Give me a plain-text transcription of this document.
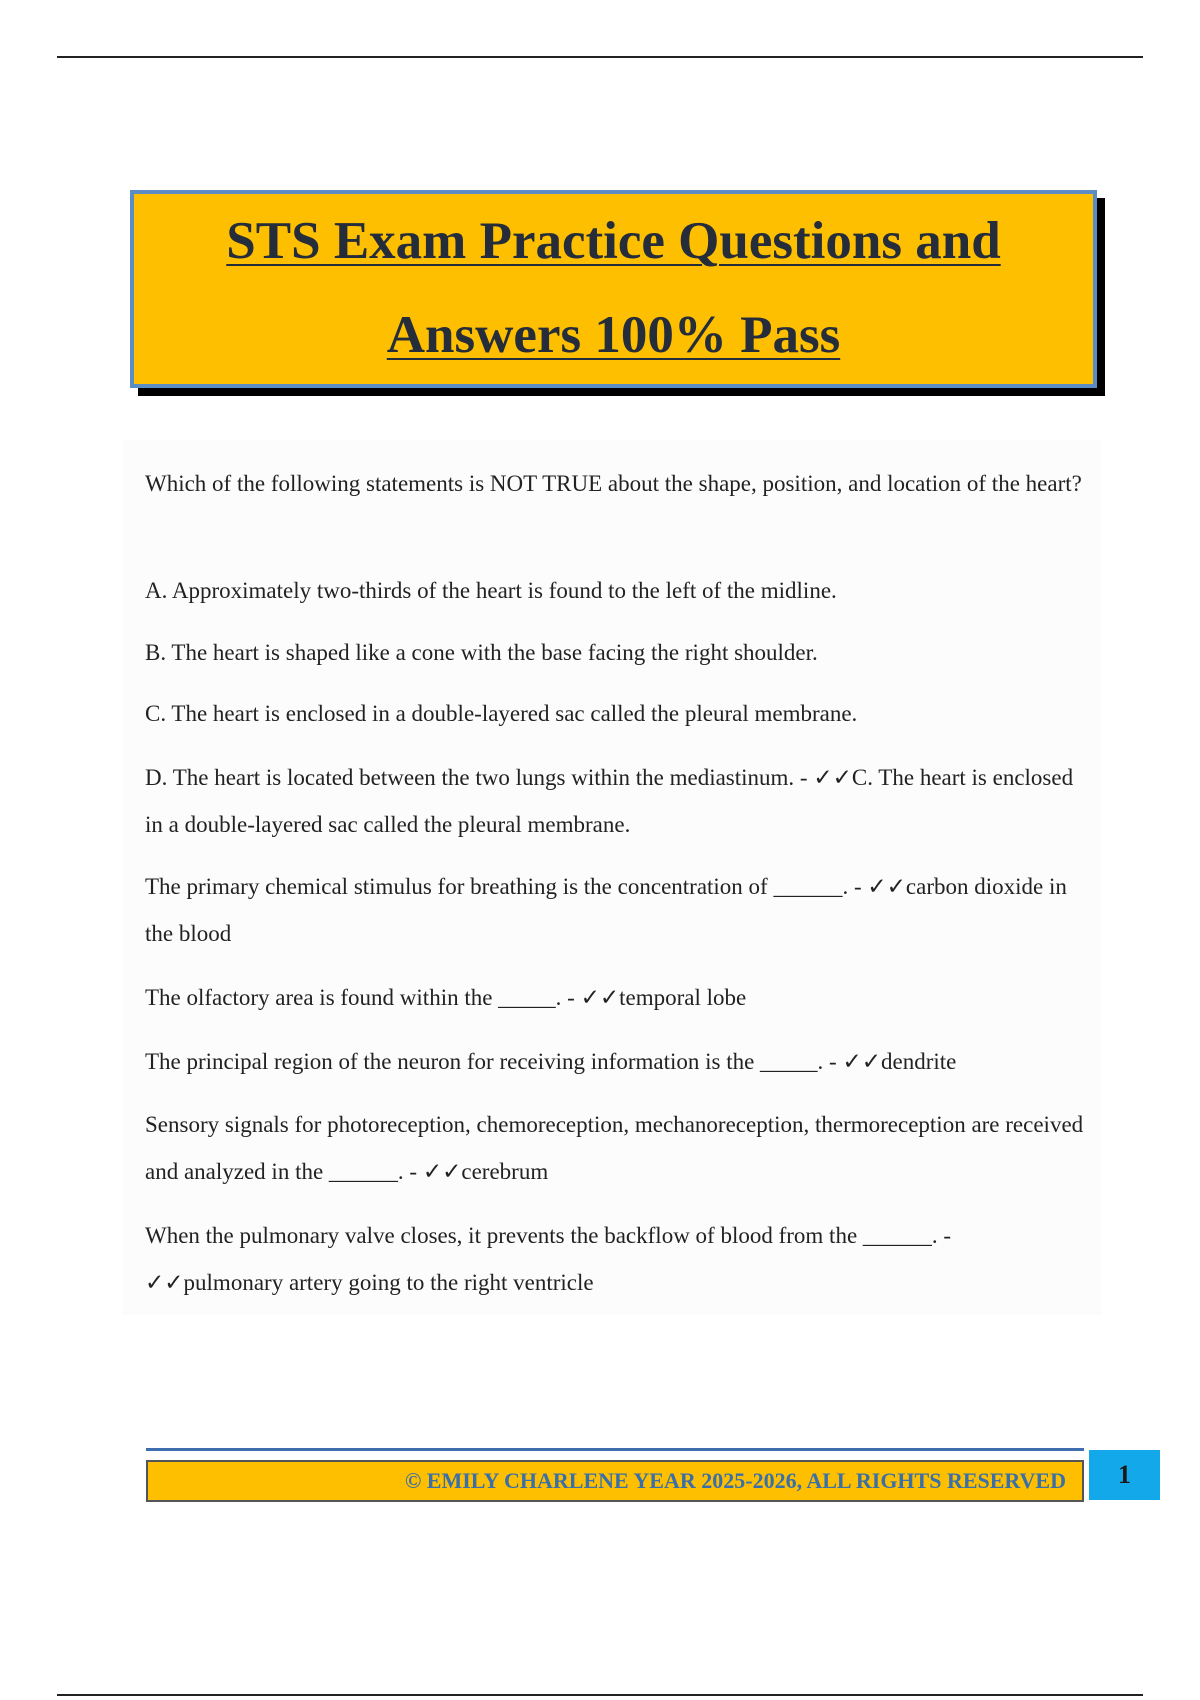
STS Exam Practice Questions and
Answers 100% Pass

Which of the following statements is NOT TRUE about the shape, position, and location of the heart?

A. Approximately two-thirds of the heart is found to the left of the midline.

B. The heart is shaped like a cone with the base facing the right shoulder.

C. The heart is enclosed in a double-layered sac called the pleural membrane.

D. The heart is located between the two lungs within the mediastinum. - ✓✓C. The heart is enclosed in a double-layered sac called the pleural membrane.

The primary chemical stimulus for breathing is the concentration of ______. - ✓✓carbon dioxide in the blood

The olfactory area is found within the _____. - ✓✓temporal lobe

The principal region of the neuron for receiving information is the _____. - ✓✓dendrite

Sensory signals for photoreception, chemoreception, mechanoreception, thermoreception are received and analyzed in the ______. - ✓✓cerebrum

When the pulmonary valve closes, it prevents the backflow of blood from the ______. - ✓✓pulmonary artery going to the right ventricle

© EMILY CHARLENE YEAR 2025-2026, ALL RIGHTS RESERVED	1
